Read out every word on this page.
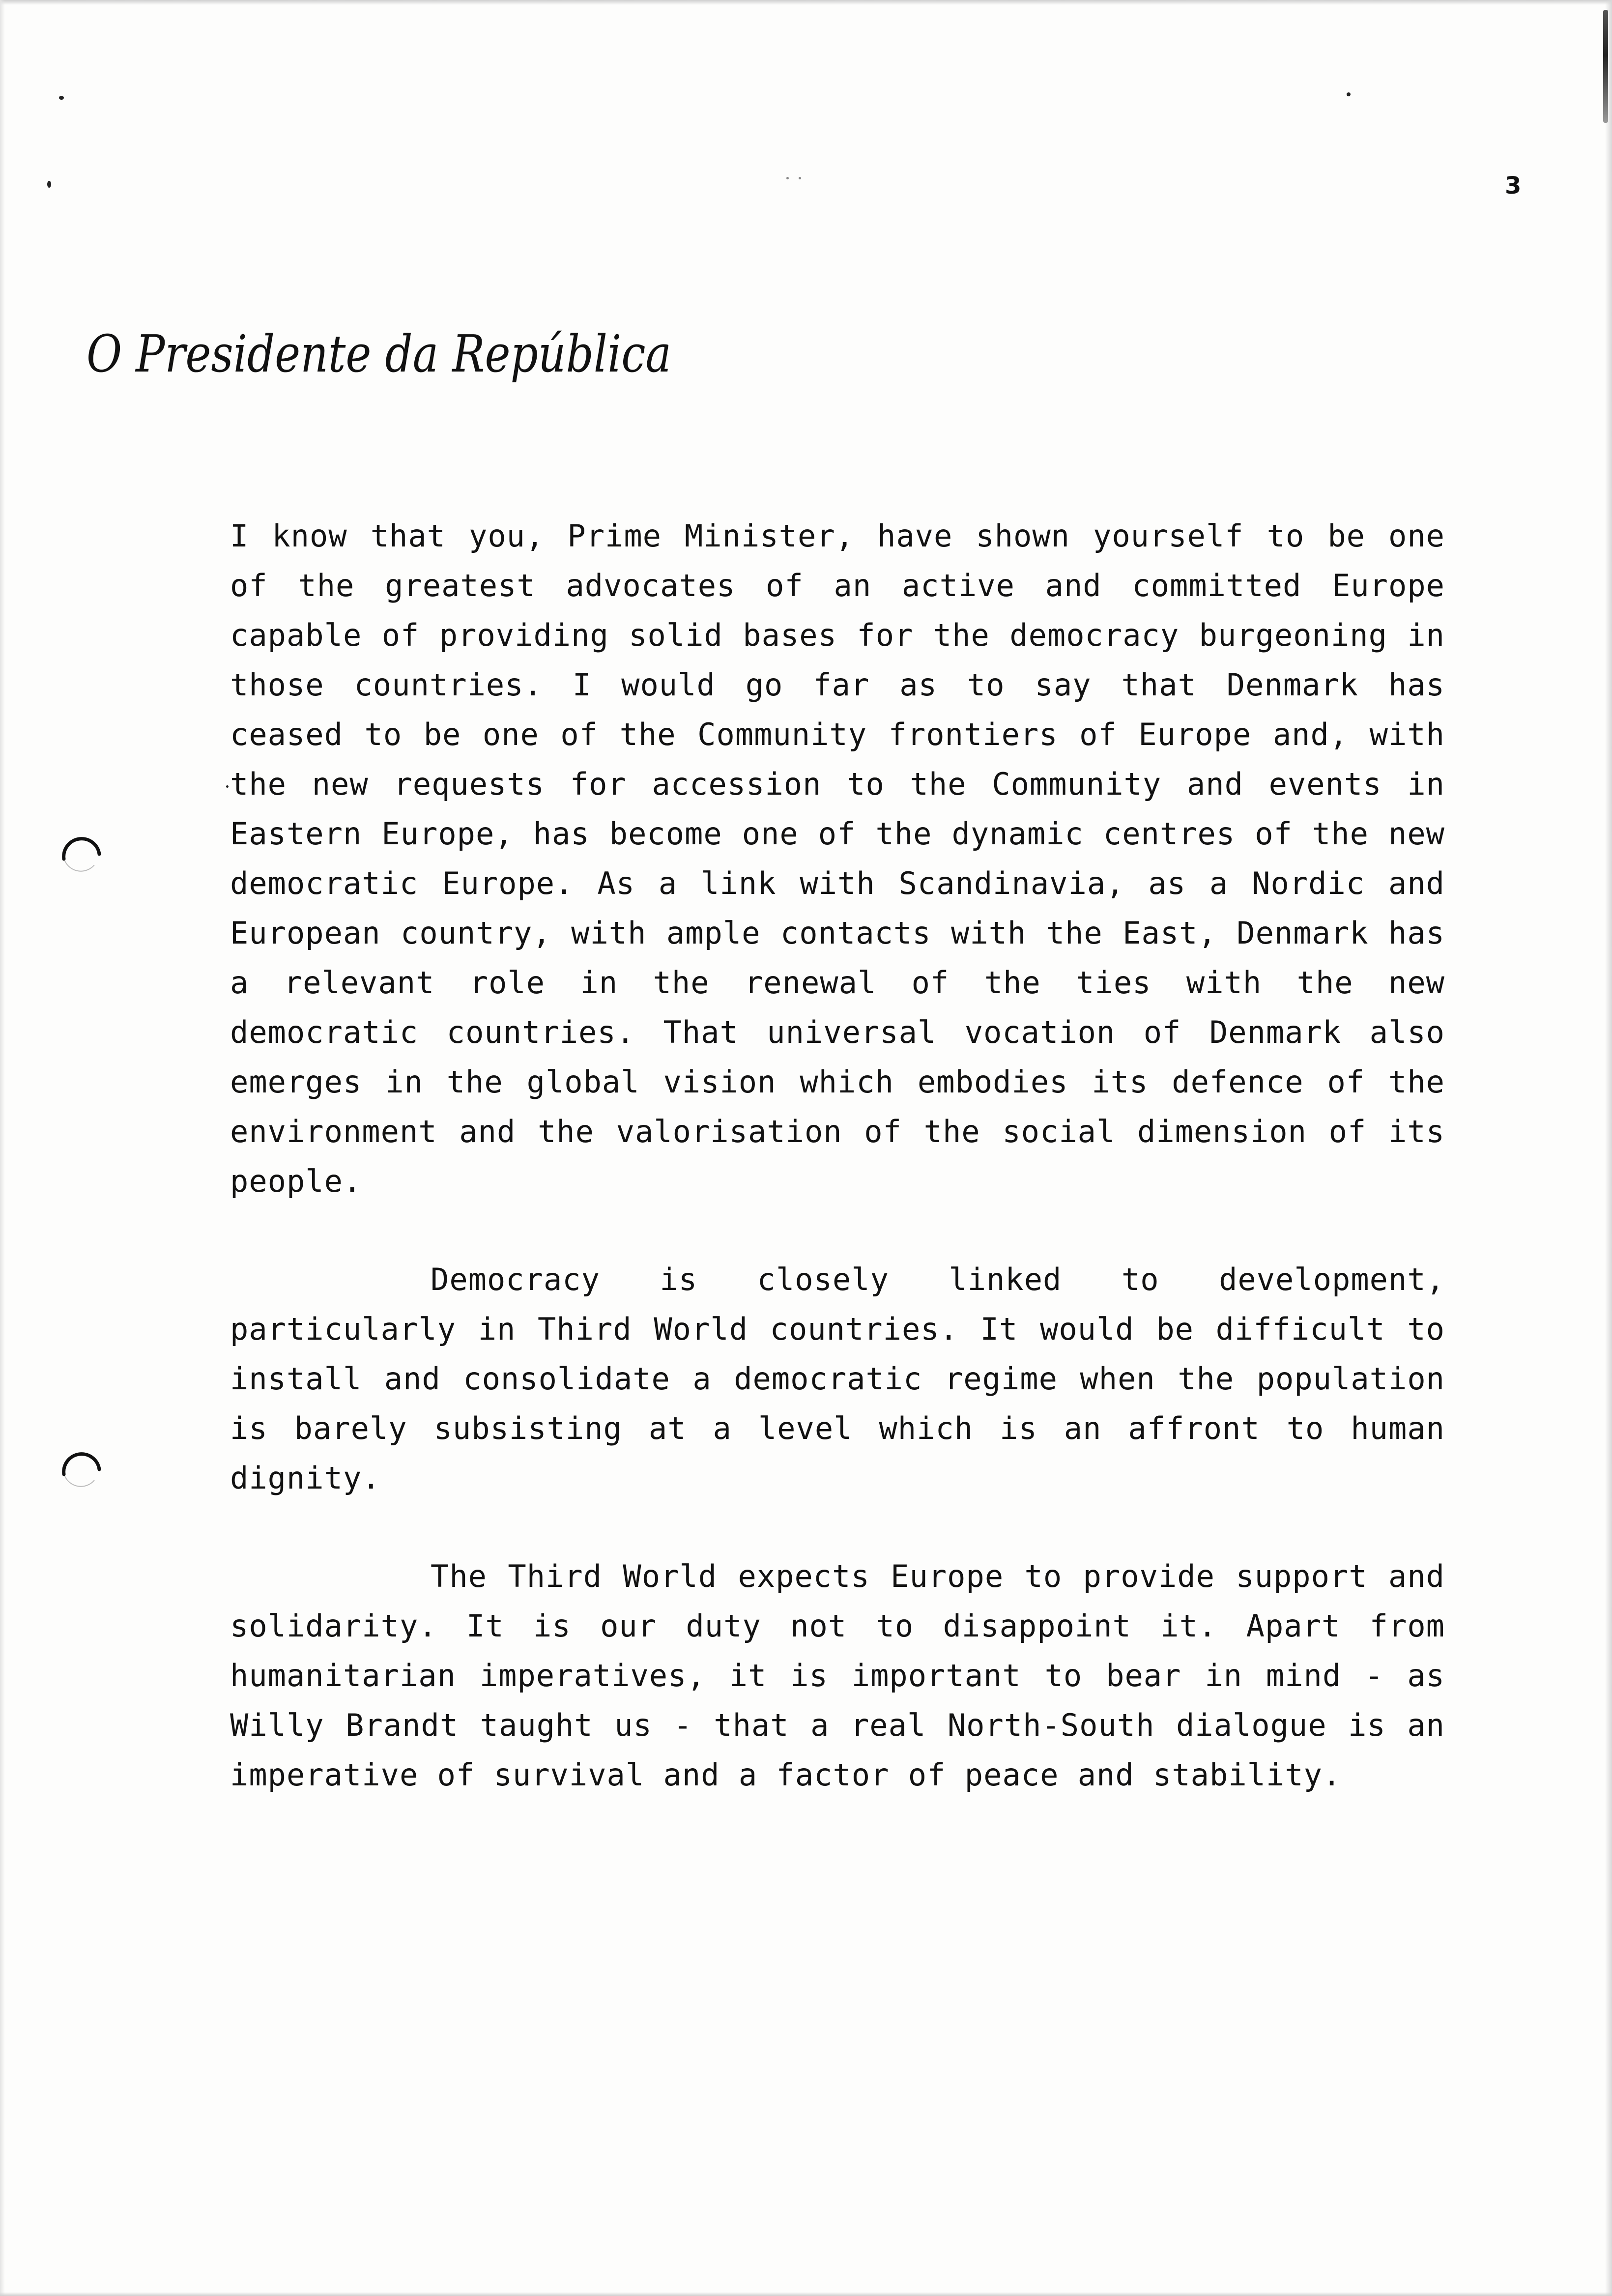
3
O Presidente da República

I know that you, Prime Minister, have shown yourself to be one of the greatest advocates of an active and committed Europe capable of providing solid bases for the democracy burgeoning in those countries. I would go far as to say that Denmark has ceased to be one of the Community frontiers of Europe and, with the new requests for accession to the Community and events in Eastern Europe, has become one of the dynamic centres of the new democratic Europe. As a link with Scandinavia, as a Nordic and European country, with ample contacts with the East, Denmark has a relevant role in the renewal of the ties with the new democratic countries. That universal vocation of Denmark also emerges in the global vision which embodies its defence of the environment and the valorisation of the social dimension of its people.

Democracy is closely linked to development, particularly in Third World countries. It would be difficult to install and consolidate a democratic regime when the population is barely subsisting at a level which is an affront to human dignity.

The Third World expects Europe to provide support and solidarity. It is our duty not to disappoint it. Apart from humanitarian imperatives, it is important to bear in mind - as Willy Brandt taught us - that a real North-South dialogue is an imperative of survival and a factor of peace and stability.
